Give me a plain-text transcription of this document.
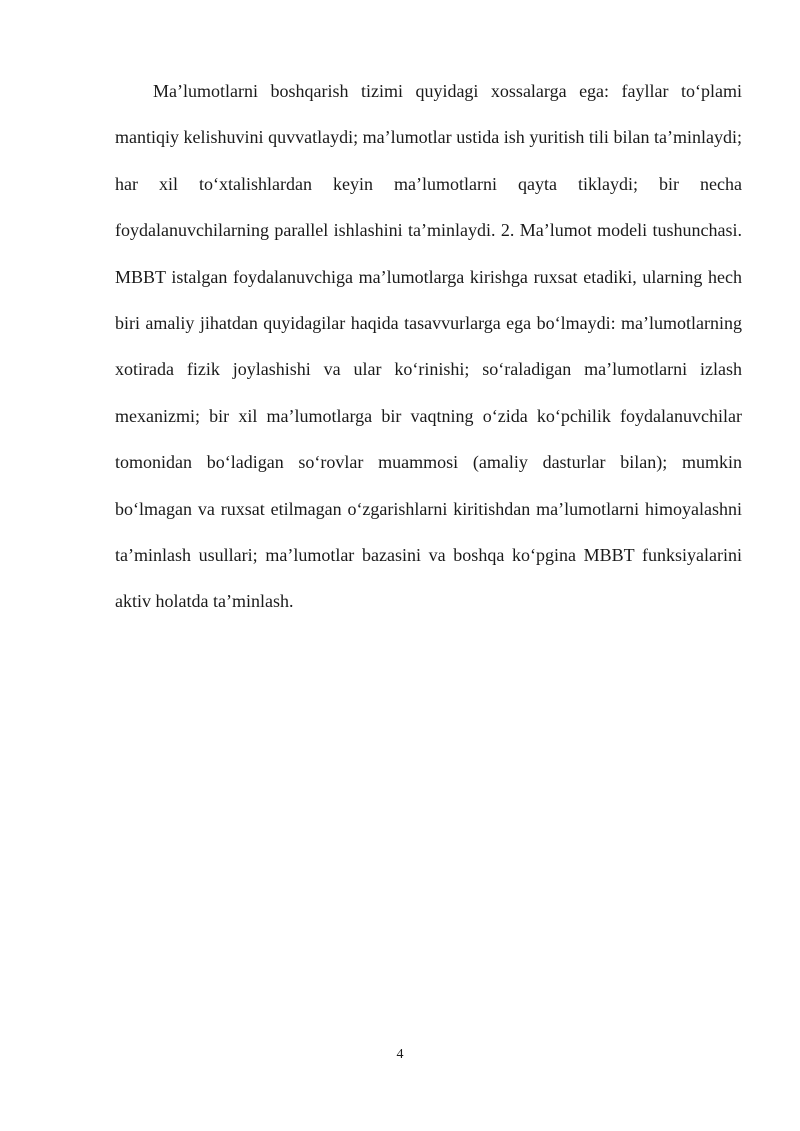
Ma’lumotlarni boshqarish tizimi quyidagi xossalarga ega: fayllar to‘plami mantiqiy kelishuvini quvvatlaydi; ma’lumotlar ustida ish yuritish tili bilan ta’minlaydi; har xil to‘xtalishlardan keyin ma’lumotlarni qayta tiklaydi; bir necha foydalanuvchilarning parallel ishlashini ta’minlaydi. 2. Ma’lumot modeli tushunchasi. MBBT istalgan foydalanuvchiga ma’lumotlarga kirishga ruxsat etadiki, ularning hech biri amaliy jihatdan quyidagilar haqida tasavvurlarga ega bo‘lmaydi: ma’lumotlarning xotirada fizik joylashishi va ular ko‘rinishi; so‘raladigan ma’lumotlarni izlash mexanizmi; bir xil ma’lumotlarga bir vaqtning o‘zida ko‘pchilik foydalanuvchilar tomonidan bo‘ladigan so‘rovlar muammosi (amaliy dasturlar bilan); mumkin bo‘lmagan va ruxsat etilmagan o‘zgarishlarni kiritishdan ma’lumotlarni himoyalashni ta’minlash usullari; ma’lumotlar bazasini va boshqa ko‘pgina MBBT funksiyalarini aktiv holatda ta’minlash.

4
